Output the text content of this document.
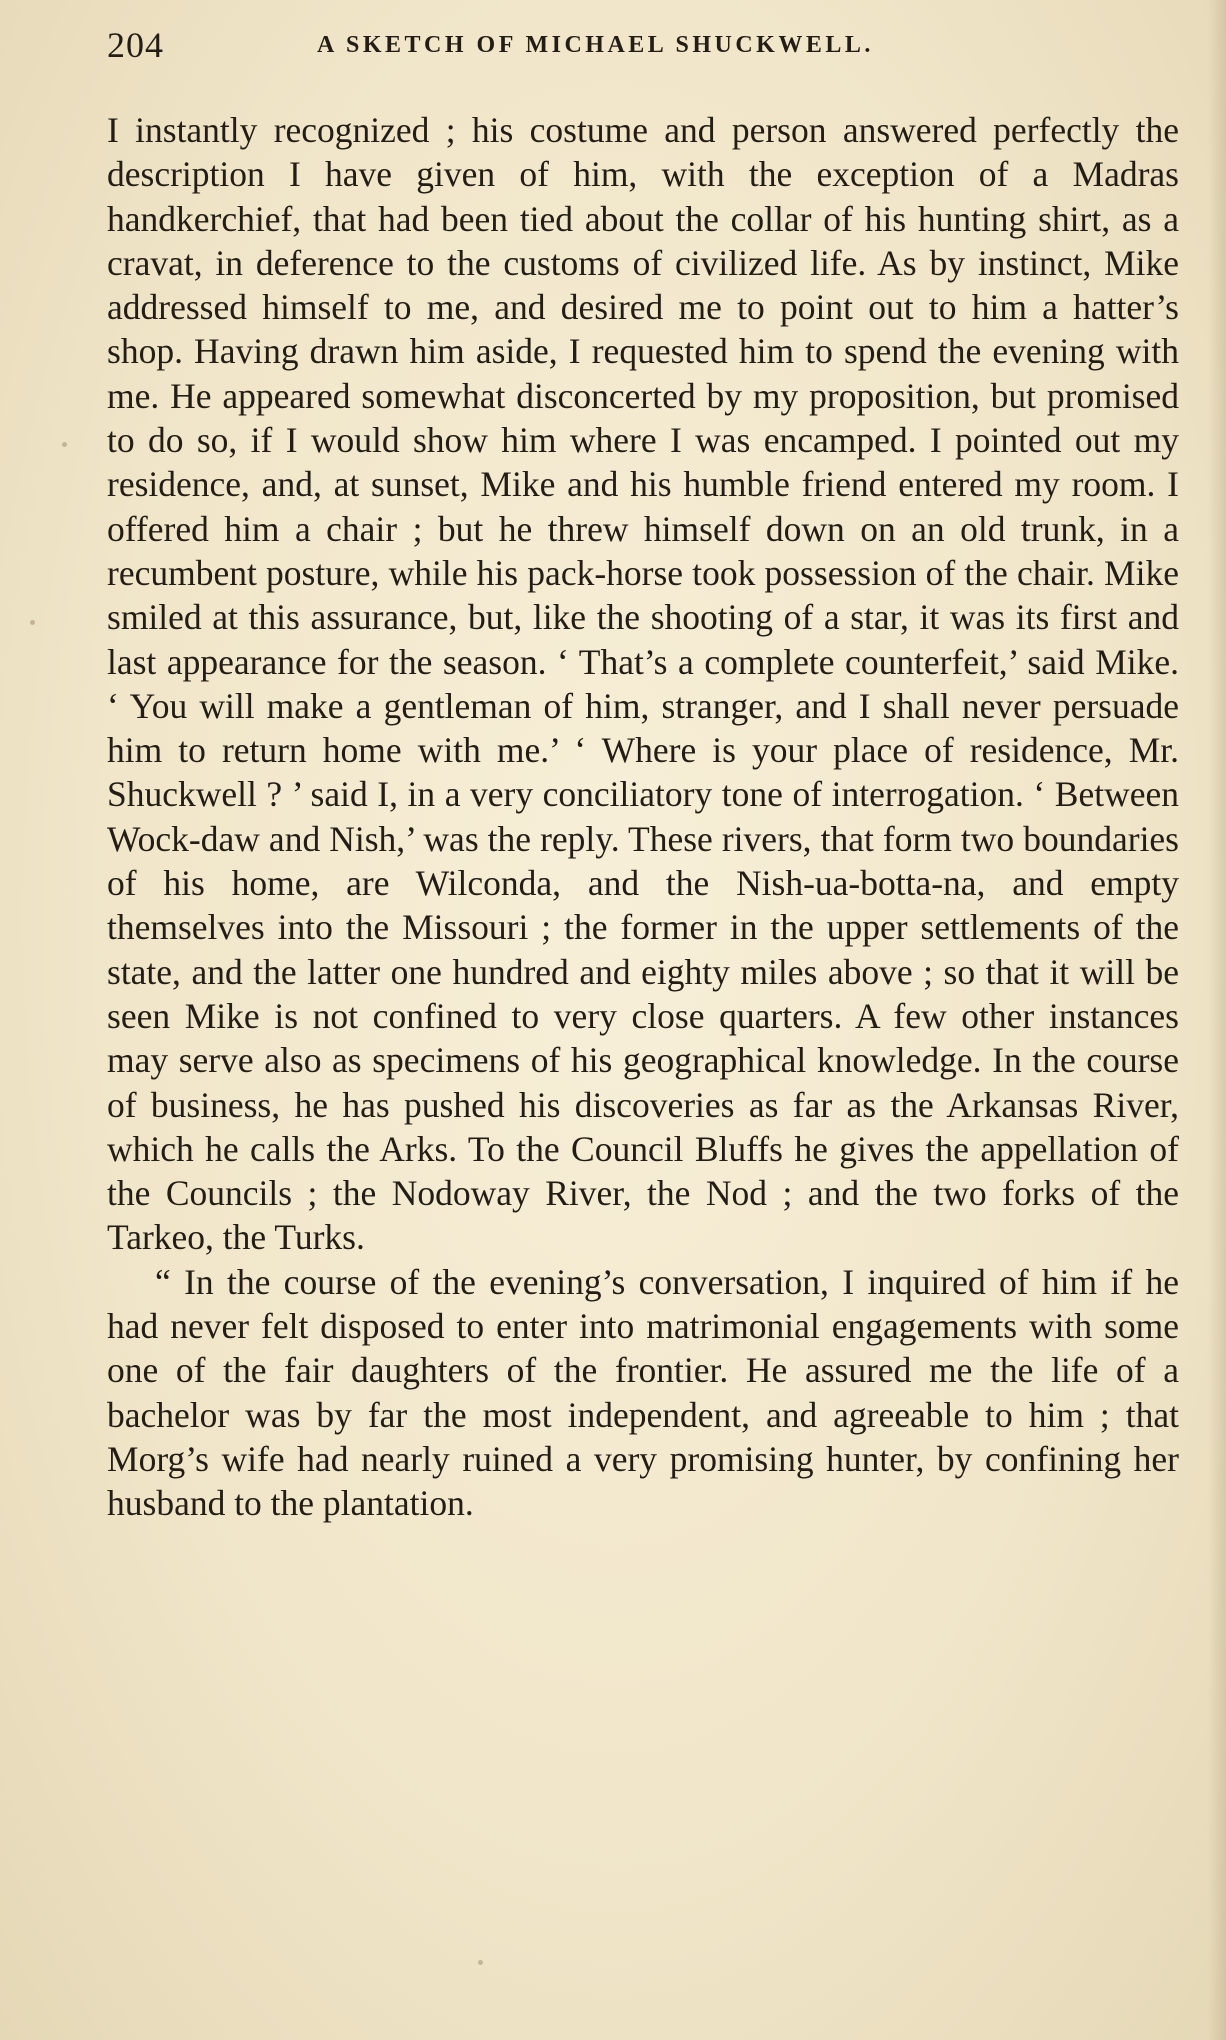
204	A SKETCH OF MICHAEL SHUCKWELL.

I instantly recognized ; his costume and person answered perfectly the description I have given of him, with the exception of a Madras handkerchief, that had been tied about the collar of his hunting shirt, as a cravat, in deference to the customs of civilized life. As by instinct, Mike addressed himself to me, and desired me to point out to him a hatter’s shop. Having drawn him aside, I requested him to spend the evening with me. He appeared somewhat disconcerted by my proposition, but promised to do so, if I would show him where I was encamped. I pointed out my residence, and, at sunset, Mike and his humble friend entered my room. I offered him a chair ; but he threw himself down on an old trunk, in a recumbent posture, while his pack-horse took possession of the chair. Mike smiled at this assurance, but, like the shooting of a star, it was its first and last appearance for the season. ‘ That’s a complete counterfeit,’ said Mike. ‘ You will make a gentleman of him, stranger, and I shall never persuade him to return home with me.’ ‘ Where is your place of residence, Mr. Shuckwell ? ’ said I, in a very conciliatory tone of interrogation. ‘ Between Wock-daw and Nish,’ was the reply. These rivers, that form two boundaries of his home, are Wilconda, and the Nish-ua-botta-na, and empty themselves into the Missouri ; the former in the upper settlements of the state, and the latter one hundred and eighty miles above ; so that it will be seen Mike is not confined to very close quarters. A few other instances may serve also as specimens of his geographical knowledge. In the course of business, he has pushed his discoveries as far as the Arkansas River, which he calls the Arks. To the Council Bluffs he gives the appellation of the Councils ; the Nodoway River, the Nod ; and the two forks of the Tarkeo, the Turks.

“ In the course of the evening’s conversation, I inquired of him if he had never felt disposed to enter into matrimonial engagements with some one of the fair daughters of the frontier. He assured me the life of a bachelor was by far the most independent, and agreeable to him ; that Morg’s wife had nearly ruined a very promising hunter, by confining her husband to the plantation.
